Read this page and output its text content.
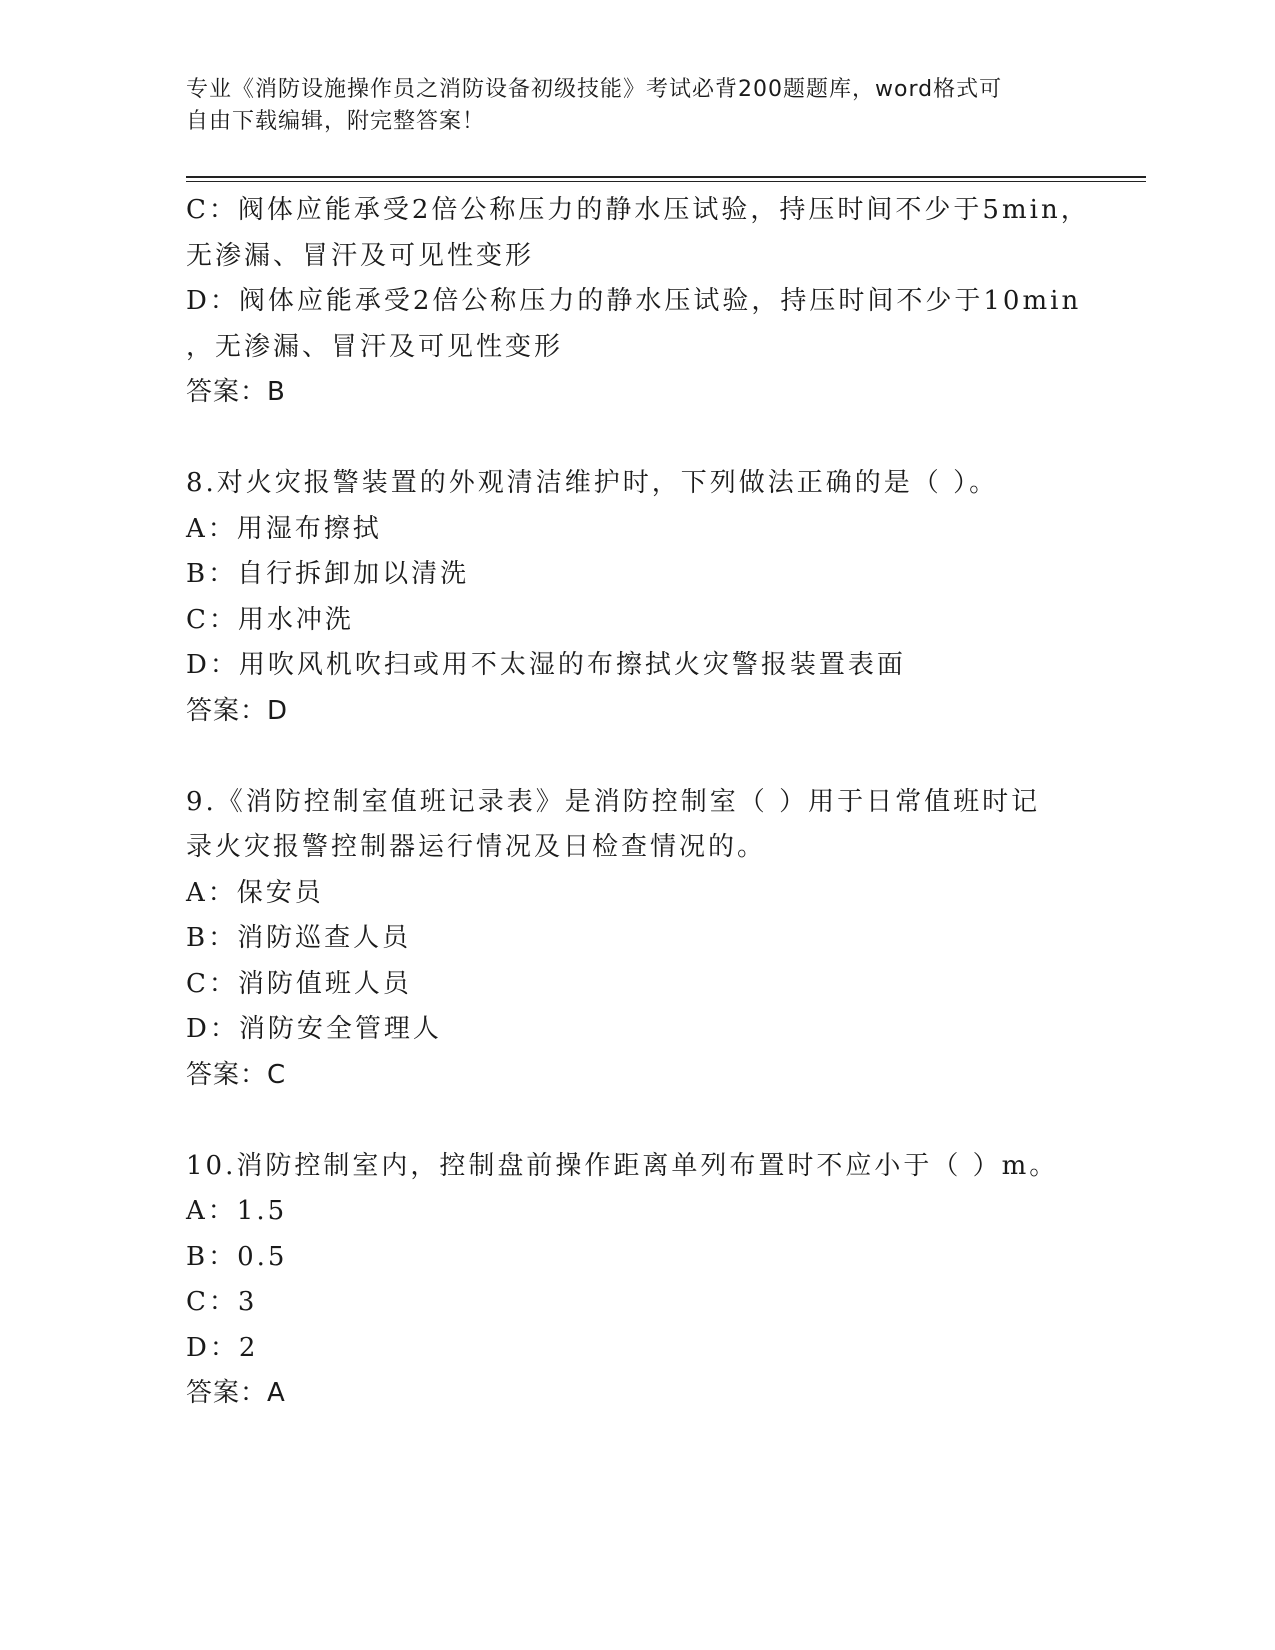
专业《消防设施操作员之消防设备初级技能》考试必背200题题库，word格式可
自由下载编辑，附完整答案！
C：阀体应能承受2倍公称压力的静水压试验，持压时间不少于5min，
无渗漏、冒汗及可见性变形
D：阀体应能承受2倍公称压力的静水压试验，持压时间不少于10min
，无渗漏、冒汗及可见性变形
答案：B
8.对火灾报警装置的外观清洁维护时，下列做法正确的是（ ）。
A：用湿布擦拭
B：自行拆卸加以清洗
C：用水冲洗
D：用吹风机吹扫或用不太湿的布擦拭火灾警报装置表面
答案：D
9.《消防控制室值班记录表》是消防控制室（ ）用于日常值班时记
录火灾报警控制器运行情况及日检查情况的。
A：保安员
B：消防巡查人员
C：消防值班人员
D：消防安全管理人
答案：C
10.消防控制室内，控制盘前操作距离单列布置时不应小于（ ）m。
A：1.5
B：0.5
C：3
D：2
答案：A
